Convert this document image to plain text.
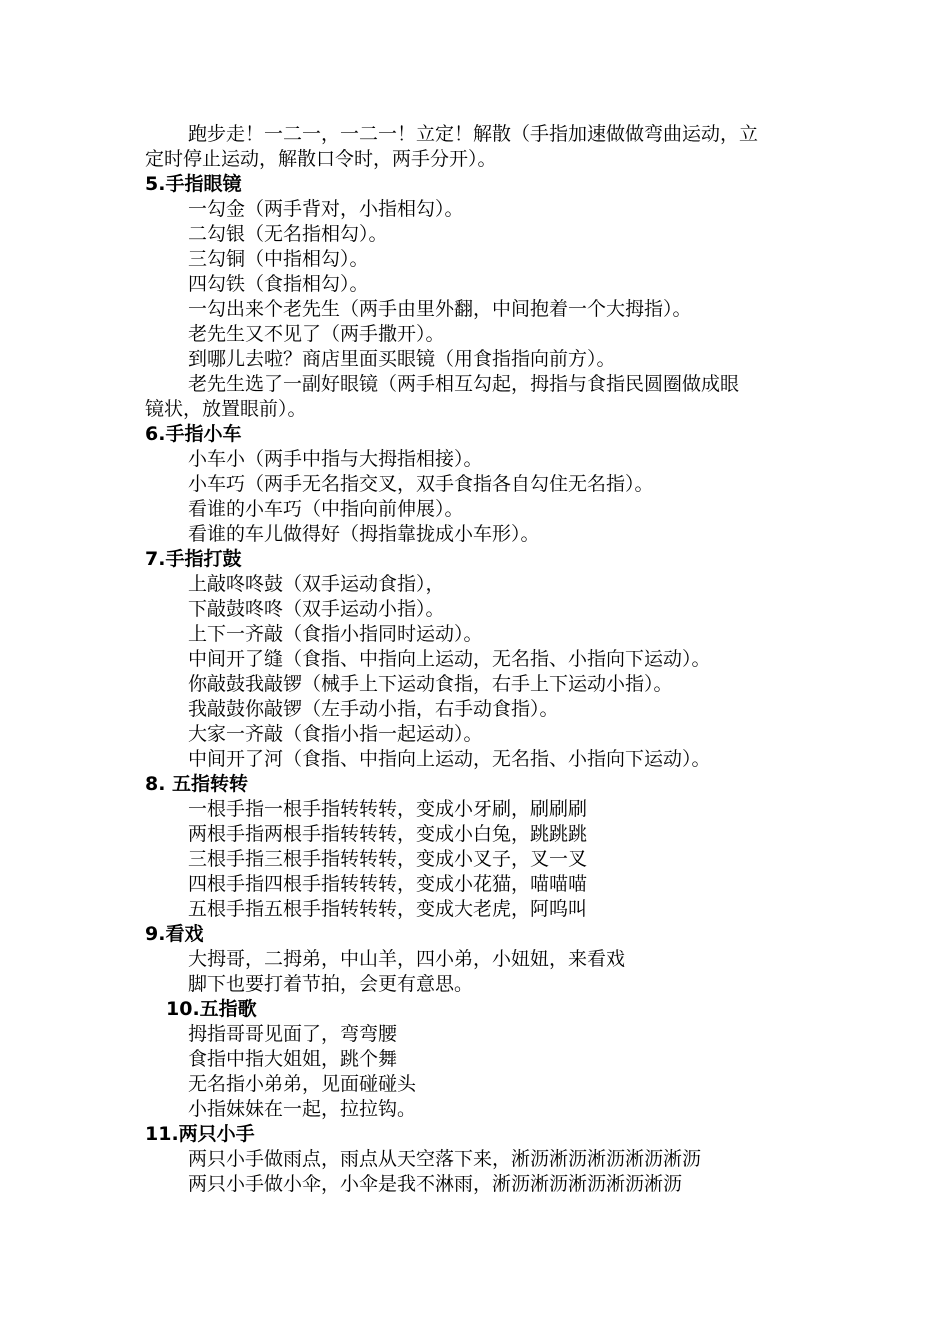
跑步走！一二一，一二一！立定！解散（手指加速做做弯曲运动，立
定时停止运动，解散口令时，两手分开）。
5.手指眼镜
一勾金（两手背对，小指相勾）。
二勾银（无名指相勾）。
三勾铜（中指相勾）。
四勾铁（食指相勾）。
一勾出来个老先生（两手由里外翻，中间抱着一个大拇指）。
老先生又不见了（两手撒开）。
到哪儿去啦？商店里面买眼镜（用食指指向前方）。
老先生选了一副好眼镜（两手相互勾起，拇指与食指民圆圈做成眼
镜状，放置眼前）。
6.手指小车
小车小（两手中指与大拇指相接）。
小车巧（两手无名指交叉，双手食指各自勾住无名指）。
看谁的小车巧（中指向前伸展）。
看谁的车儿做得好（拇指靠拢成小车形）。
7.手指打鼓
上敲咚咚鼓（双手运动食指），
下敲鼓咚咚（双手运动小指）。
上下一齐敲（食指小指同时运动）。
中间开了缝（食指、中指向上运动，无名指、小指向下运动）。
你敲鼓我敲锣（械手上下运动食指，右手上下运动小指）。
我敲鼓你敲锣（左手动小指，右手动食指）。
大家一齐敲（食指小指一起运动）。
中间开了河（食指、中指向上运动，无名指、小指向下运动）。
8. 五指转转
一根手指一根手指转转转，变成小牙刷，刷刷刷
两根手指两根手指转转转，变成小白兔，跳跳跳
三根手指三根手指转转转，变成小叉子，叉一叉
四根手指四根手指转转转，变成小花猫，喵喵喵
五根手指五根手指转转转，变成大老虎，阿呜叫
9.看戏
大拇哥，二拇弟，中山羊，四小弟，小妞妞，来看戏
脚下也要打着节拍，会更有意思。
10.五指歌
拇指哥哥见面了，弯弯腰
食指中指大姐姐，跳个舞
无名指小弟弟，见面碰碰头
小指妹妹在一起，拉拉钩。
11.两只小手
两只小手做雨点，雨点从天空落下来，淅沥淅沥淅沥淅沥淅沥
两只小手做小伞，小伞是我不淋雨，淅沥淅沥淅沥淅沥淅沥
